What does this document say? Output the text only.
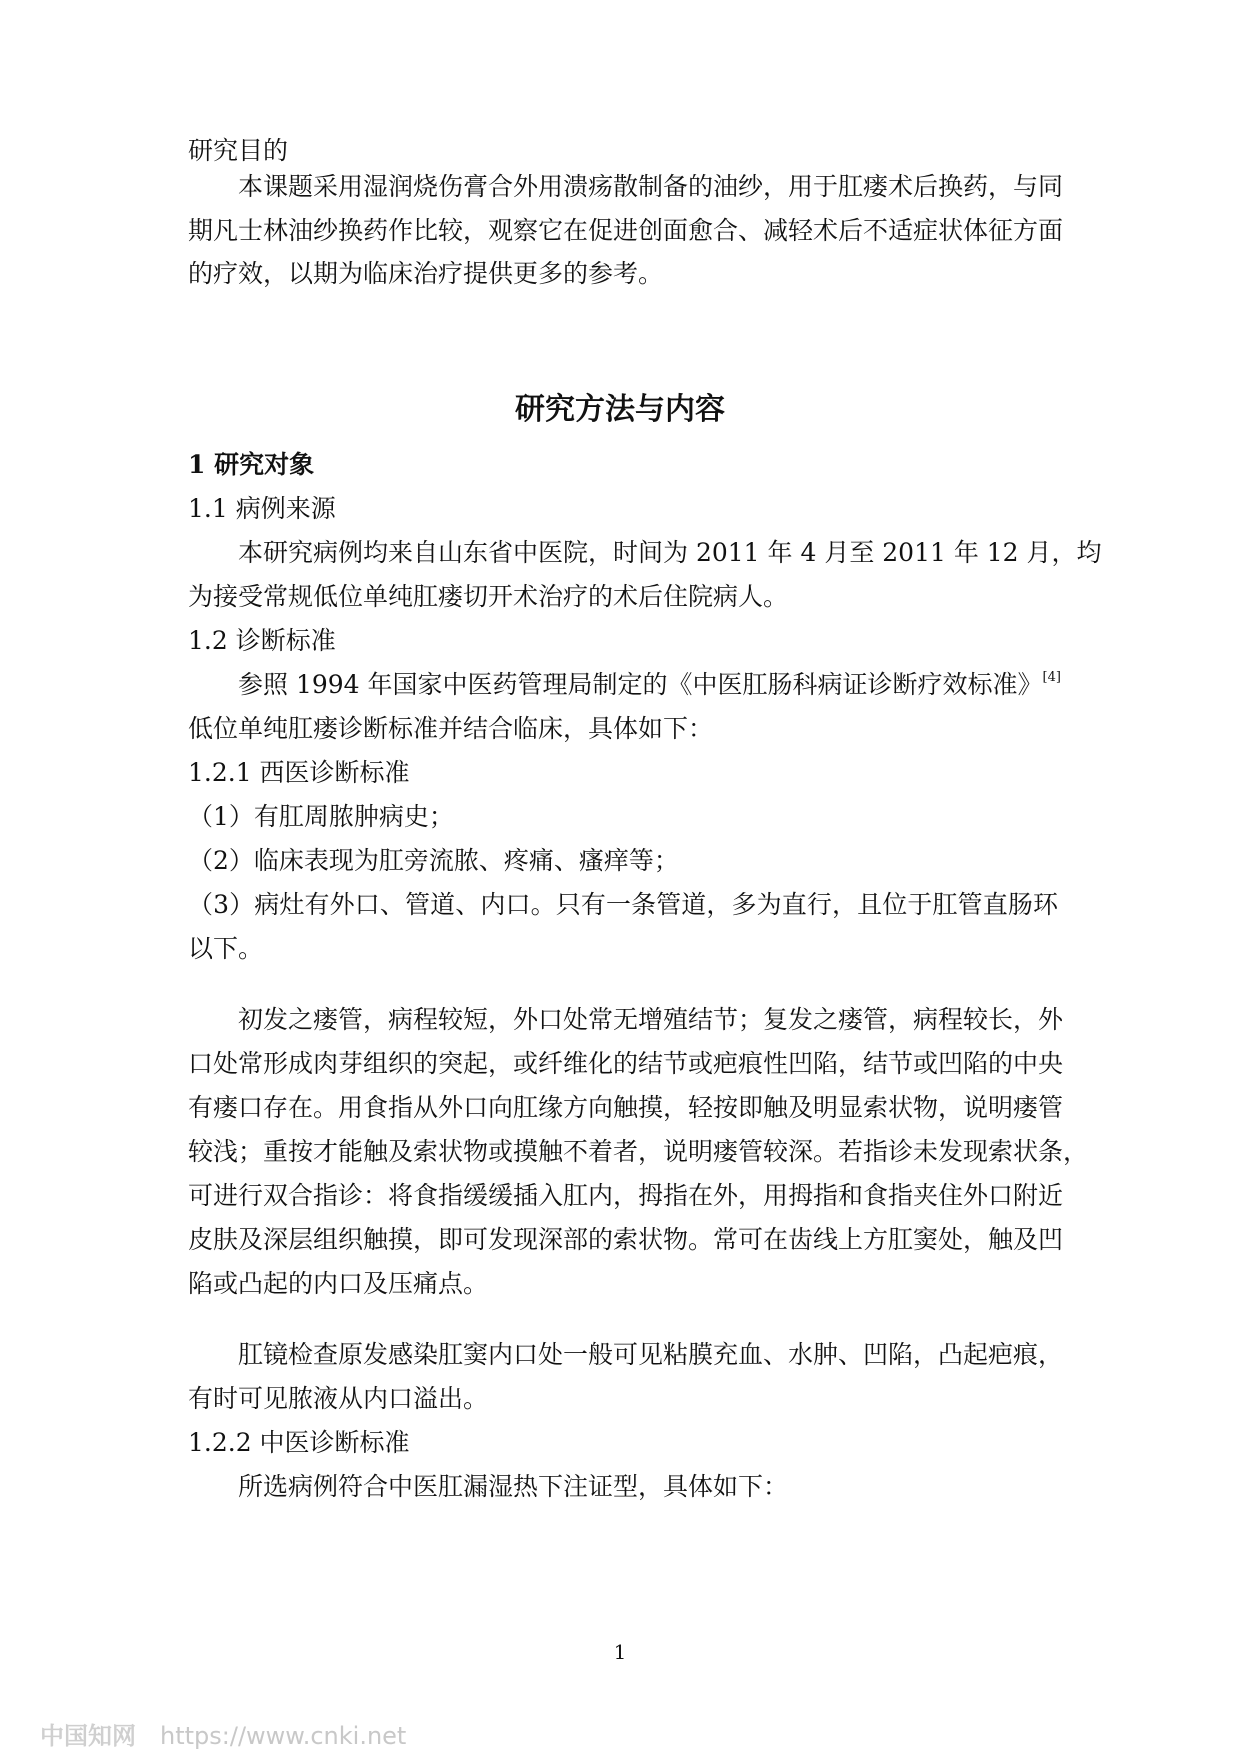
研究目的
本课题采用湿润烧伤膏合外用溃疡散制备的油纱，用于肛瘘术后换药，与同
期凡士林油纱换药作比较，观察它在促进创面愈合、减轻术后不适症状体征方面
的疗效，以期为临床治疗提供更多的参考。
研究方法与内容
1 研究对象
1.1 病例来源
本研究病例均来自山东省中医院，时间为 2011 年 4 月至 2011 年 12 月，均
为接受常规低位单纯肛瘘切开术治疗的术后住院病人。
1.2 诊断标准
参照 1994 年国家中医药管理局制定的《中医肛肠科病证诊断疗效标准》[4]
低位单纯肛瘘诊断标准并结合临床，具体如下：
1.2.1 西医诊断标准
（1）有肛周脓肿病史；
（2）临床表现为肛旁流脓、疼痛、瘙痒等；
（3）病灶有外口、管道、内口。只有一条管道，多为直行，且位于肛管直肠环
以下。
初发之瘘管，病程较短，外口处常无增殖结节；复发之瘘管，病程较长，外
口处常形成肉芽组织的突起，或纤维化的结节或疤痕性凹陷，结节或凹陷的中央
有瘘口存在。用食指从外口向肛缘方向触摸，轻按即触及明显索状物，说明瘘管
较浅；重按才能触及索状物或摸触不着者，说明瘘管较深。若指诊未发现索状条，
可进行双合指诊：将食指缓缓插入肛内，拇指在外，用拇指和食指夹住外口附近
皮肤及深层组织触摸，即可发现深部的索状物。常可在齿线上方肛窦处，触及凹
陷或凸起的内口及压痛点。
肛镜检查原发感染肛窦内口处一般可见粘膜充血、水肿、凹陷，凸起疤痕，
有时可见脓液从内口溢出。
1.2.2 中医诊断标准
所选病例符合中医肛漏湿热下注证型，具体如下：
1
中国知网 https://www.cnki.net
